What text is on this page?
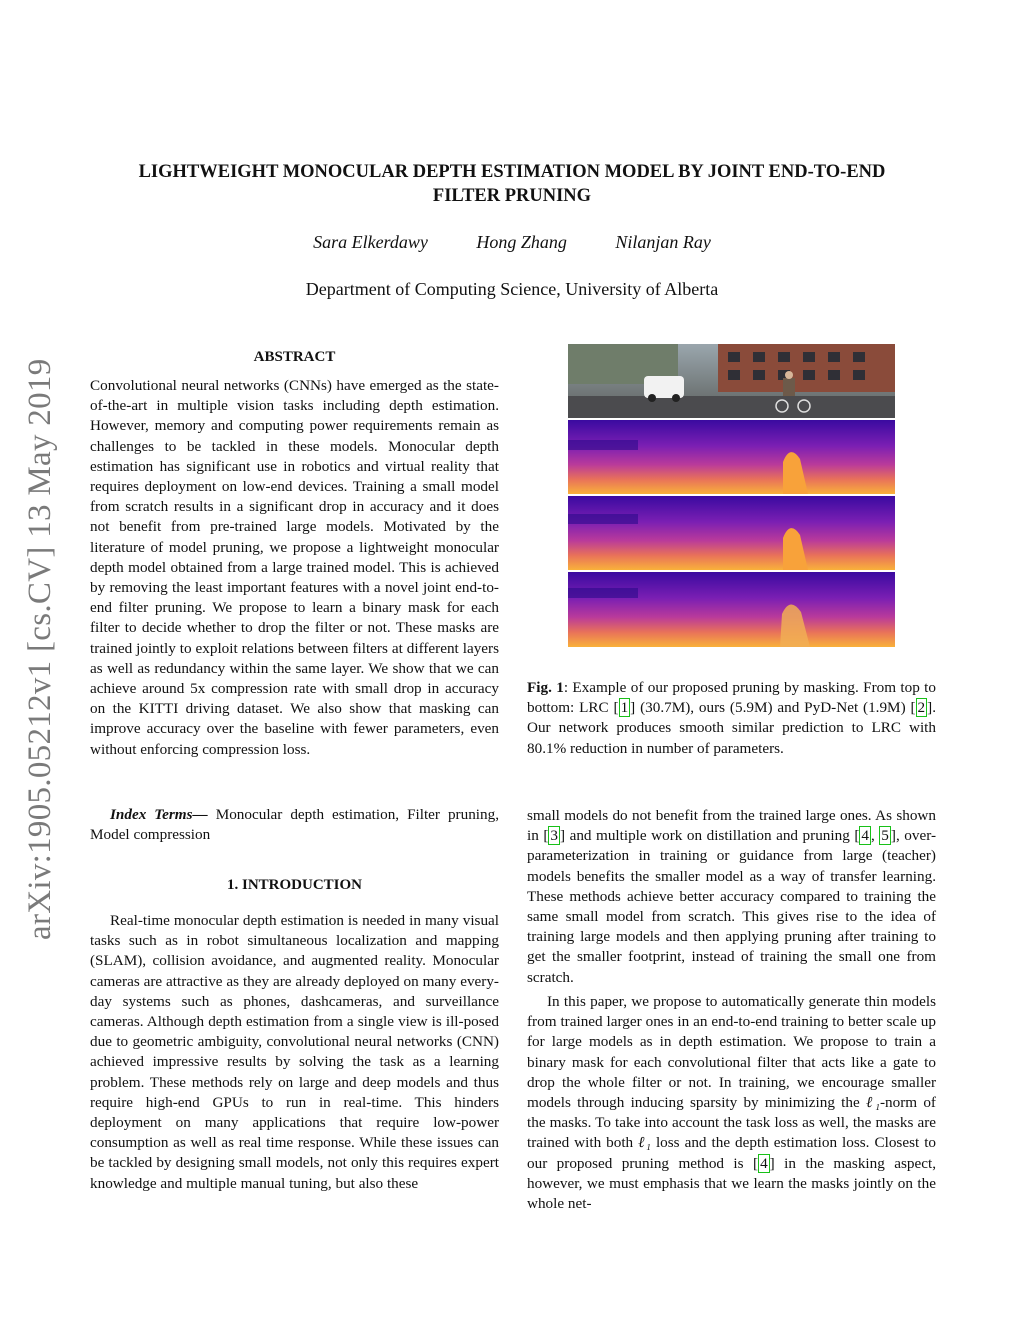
arXiv:1905.05212v1 [cs.CV] 13 May 2019
LIGHTWEIGHT MONOCULAR DEPTH ESTIMATION MODEL BY JOINT END-TO-END
FILTER PRUNING
Sara Elkerdawy	Hong Zhang	Nilanjan Ray
Department of Computing Science, University of Alberta

ABSTRACT

Convolutional neural networks (CNNs) have emerged as the state-of-the-art in multiple vision tasks including depth estimation. However, memory and computing power requirements remain as challenges to be tackled in these models. Monocular depth estimation has significant use in robotics and virtual reality that requires deployment on low-end devices. Training a small model from scratch results in a significant drop in accuracy and it does not benefit from pre-trained large models. Motivated by the literature of model pruning, we propose a lightweight monocular depth model obtained from a large trained model. This is achieved by removing the least important features with a novel joint end-to-end filter pruning. We propose to learn a binary mask for each filter to decide whether to drop the filter or not. These masks are trained jointly to exploit relations between filters at different layers as well as redundancy within the same layer. We show that we can achieve around 5x compression rate with small drop in accuracy on the KITTI driving dataset. We also show that masking can improve accuracy over the baseline with fewer parameters, even without enforcing compression loss.

Index Terms— Monocular depth estimation, Filter pruning, Model compression

1. INTRODUCTION

Real-time monocular depth estimation is needed in many visual tasks such as in robot simultaneous localization and mapping (SLAM), collision avoidance, and augmented reality. Monocular cameras are attractive as they are already deployed on many every-day systems such as phones, dashcameras, and surveillance cameras. Although depth estimation from a single view is ill-posed due to geometric ambiguity, convolutional neural networks (CNN) achieved impressive results by solving the task as a learning problem. These methods rely on large and deep models and thus require high-end GPUs to run in real-time. This hinders deployment on many applications that require low-power consumption as well as real time response. While these issues can be tackled by designing small models, not only this requires expert knowledge and multiple manual tuning, but also these

Fig. 1: Example of our proposed pruning by masking. From top to bottom: LRC [ 1 ] (30.7M), ours (5.9M) and PyD-Net (1.9M) [ 2 ]. Our network produces smooth similar prediction to LRC with 80.1% reduction in number of parameters.

small models do not benefit from the trained large ones. As shown in [ 3 ] and multiple work on distillation and pruning [ 4 , 5 ], over-parameterization in training or guidance from large (teacher) models benefits the smaller model as a way of transfer learning. These methods achieve better accuracy compared to training the same small model from scratch. This gives rise to the idea of training large models and then applying pruning after training to get the smaller footprint, instead of training the small one from scratch.

In this paper, we propose to automatically generate thin models from trained larger ones in an end-to-end training to better scale up for large models as in depth estimation. We propose to train a binary mask for each convolutional filter that acts like a gate to drop the whole filter or not. In training, we encourage smaller models through inducing sparsity by minimizing the ℓ₁-norm of the masks. To take into account the task loss as well, the masks are trained with both ℓ₁ loss and the depth estimation loss. Closest to our proposed pruning method is [ 4 ] in the masking aspect, however, we must emphasis that we learn the masks jointly on the whole net-
